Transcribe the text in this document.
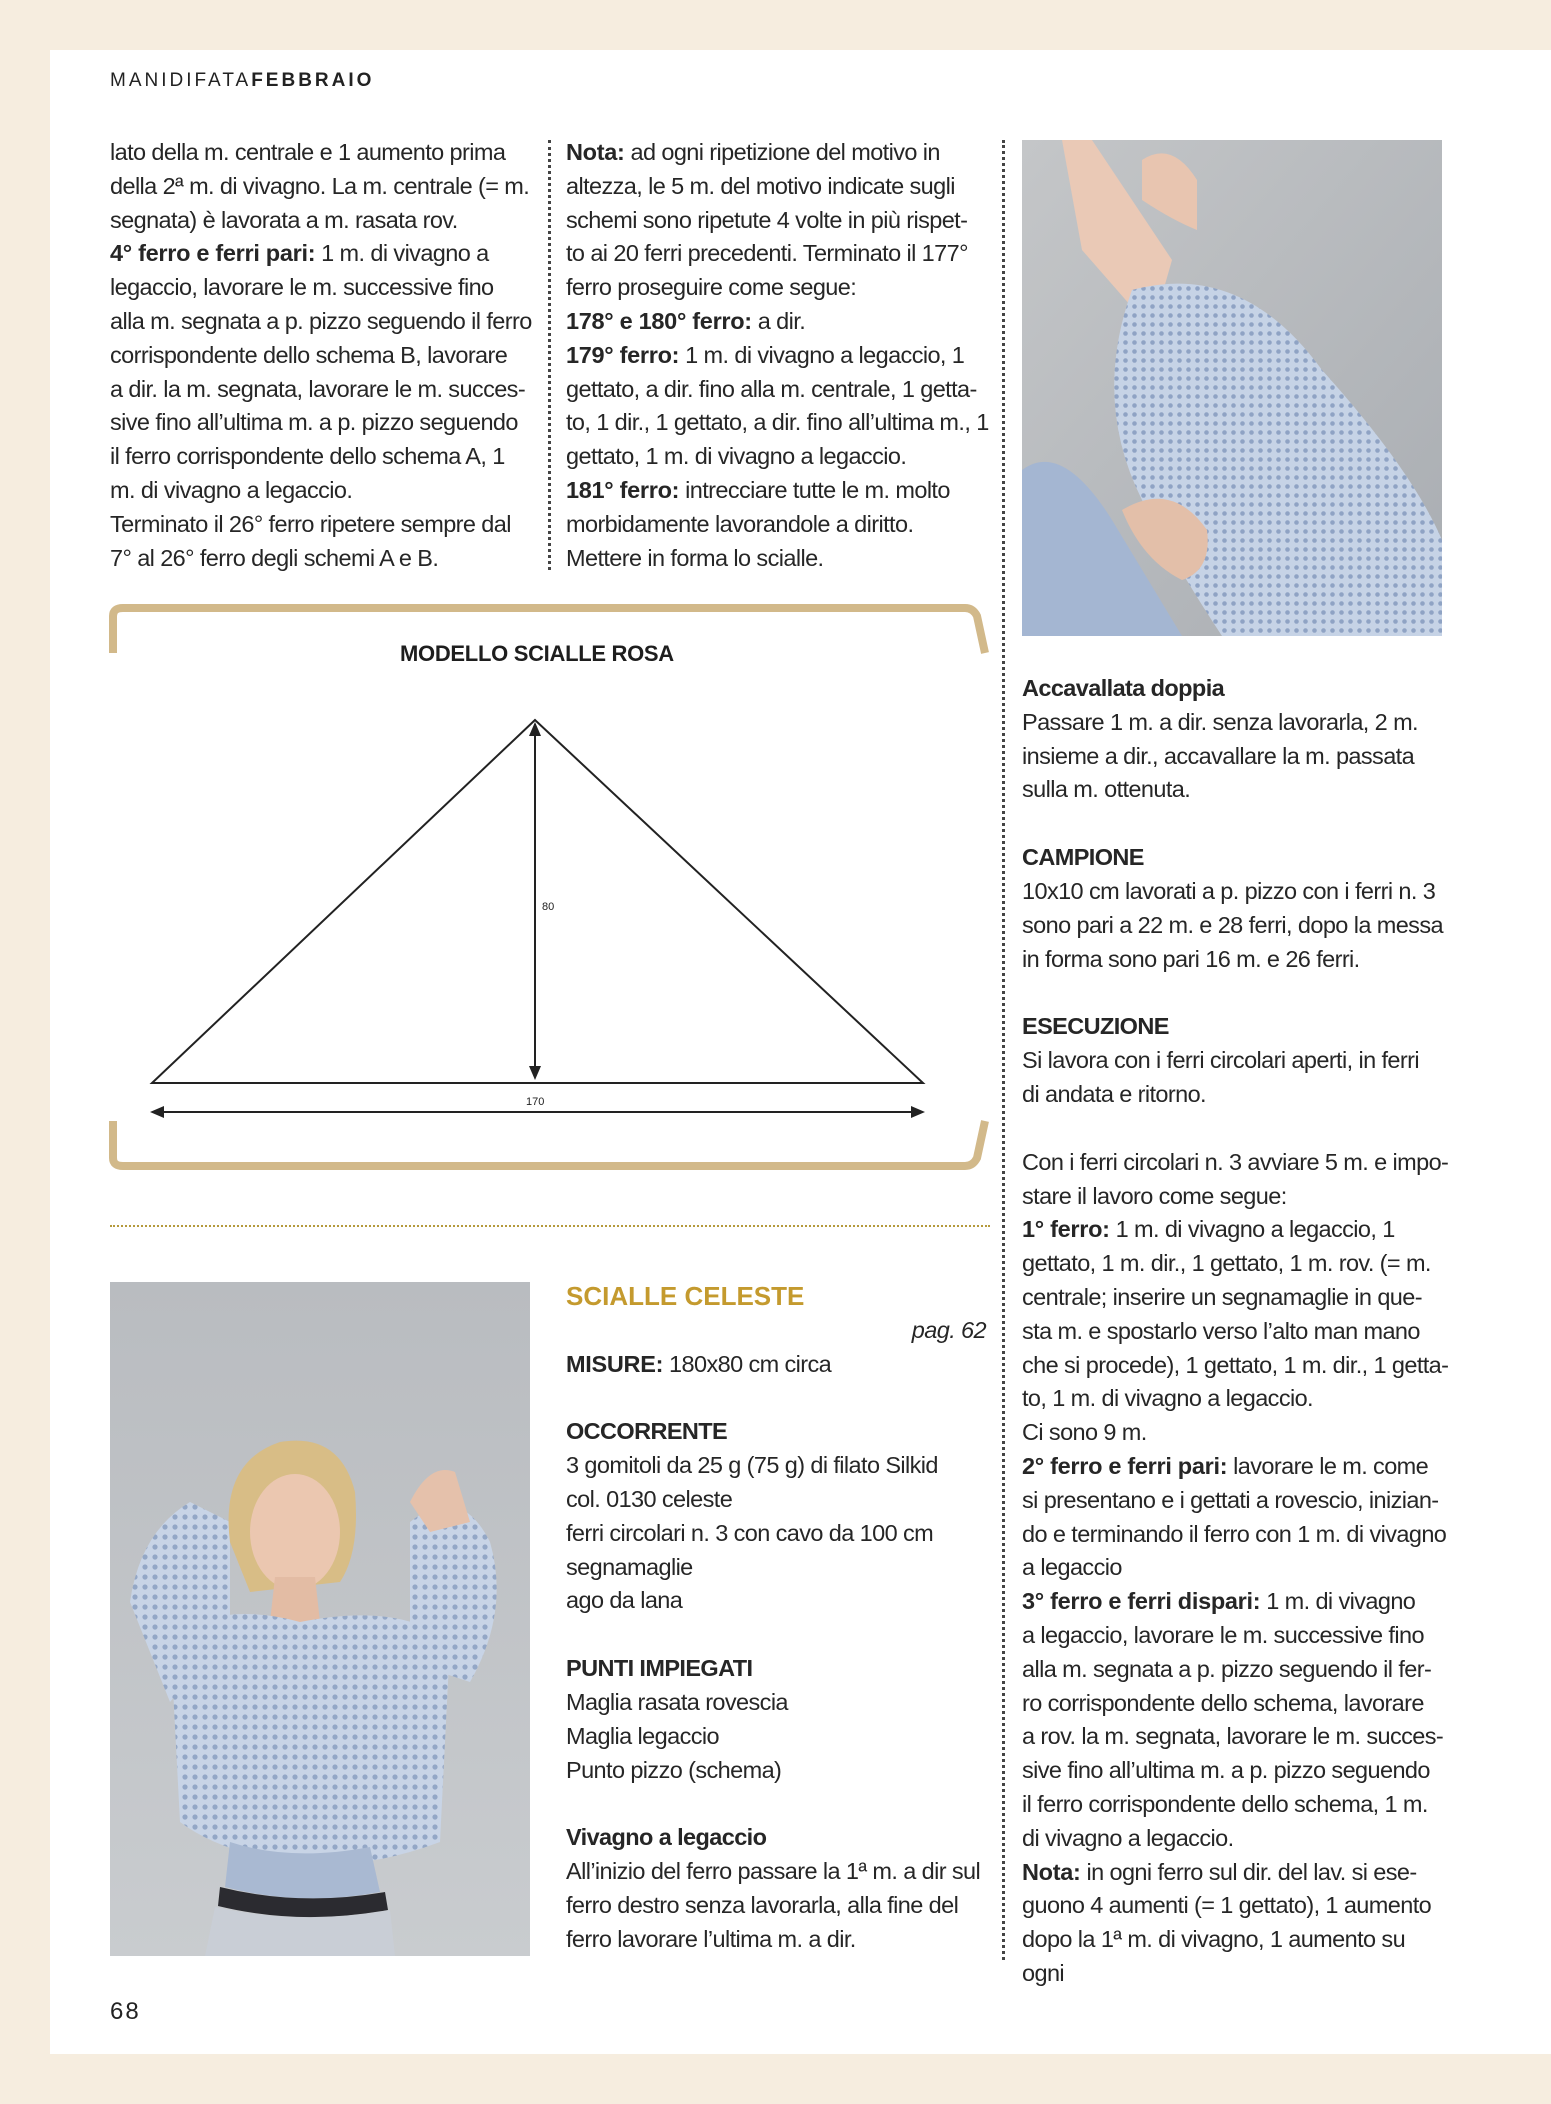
MANIDIFATAFEBBRAIO

lato della m. centrale e 1 aumento prima

della 2ª m. di vivagno. La m. centrale (= m.

segnata) è lavorata a m. rasata rov.

4° ferro e ferri pari: 1 m. di vivagno a

legaccio, lavorare le m. successive fino

alla m. segnata a p. pizzo seguendo il ferro

corrispondente dello schema B, lavorare

a dir. la m. segnata, lavorare le m. succes-

sive fino all’ultima m. a p. pizzo seguendo

il ferro corrispondente dello schema A, 1

m. di vivagno a legaccio.

Terminato il 26° ferro ripetere sempre dal

7° al 26° ferro degli schemi A e B.

Nota: ad ogni ripetizione del motivo in

altezza, le 5 m. del motivo indicate sugli

schemi sono ripetute 4 volte in più rispet-

to ai 20 ferri precedenti. Terminato il 177°

ferro proseguire come segue:

178° e 180° ferro: a dir.

179° ferro: 1 m. di vivagno a legaccio, 1

gettato, a dir. fino alla m. centrale, 1 getta-

to, 1 dir., 1 gettato, a dir. fino all’ultima m., 1

gettato, 1 m. di vivagno a legaccio.

181° ferro: intrecciare tutte le m. molto

morbidamente lavorandole a diritto.

Mettere in forma lo scialle.

MODELLO SCIALLE ROSA
80
170

Accavallata doppia

Passare 1 m. a dir. senza lavorarla, 2 m.

insieme a dir., accavallare la m. passata

sulla m. ottenuta.

CAMPIONE

10x10 cm lavorati a p. pizzo con i ferri n. 3

sono pari a 22 m. e 28 ferri, dopo la messa

in forma sono pari 16 m. e 26 ferri.

ESECUZIONE

Si lavora con i ferri circolari aperti, in ferri

di andata e ritorno.

Con i ferri circolari n. 3 avviare 5 m. e impo-

stare il lavoro come segue:

1° ferro: 1 m. di vivagno a legaccio, 1

gettato, 1 m. dir., 1 gettato, 1 m. rov. (= m.

centrale; inserire un segnamaglie in que-

sta m. e spostarlo verso l’alto man mano

che si procede), 1 gettato, 1 m. dir., 1 getta-

to, 1 m. di vivagno a legaccio.

Ci sono 9 m.

2° ferro e ferri pari: lavorare le m. come

si presentano e i gettati a rovescio, inizian-

do e terminando il ferro con 1 m. di vivagno

a legaccio

3° ferro e ferri dispari: 1 m. di vivagno

a legaccio, lavorare le m. successive fino

alla m. segnata a p. pizzo seguendo il fer-

ro corrispondente dello schema, lavorare

a rov. la m. segnata, lavorare le m. succes-

sive fino all’ultima m. a p. pizzo seguendo

il ferro corrispondente dello schema, 1 m.

di vivagno a legaccio.

Nota: in ogni ferro sul dir. del lav. si ese-

guono 4 aumenti (= 1 gettato), 1 aumento

dopo la 1ª m. di vivagno, 1 aumento su ogni

SCIALLE CELESTE

pag. 62

MISURE: 180x80 cm circa

OCCORRENTE

3 gomitoli da 25 g (75 g) di filato Silkid

col. 0130 celeste

ferri circolari n. 3 con cavo da 100 cm

segnamaglie

ago da lana

PUNTI IMPIEGATI

Maglia rasata rovescia

Maglia legaccio

Punto pizzo (schema)

Vivagno a legaccio

All’inizio del ferro passare la 1ª m. a dir sul

ferro destro senza lavorarla, alla fine del

ferro lavorare l’ultima m. a dir.

68
